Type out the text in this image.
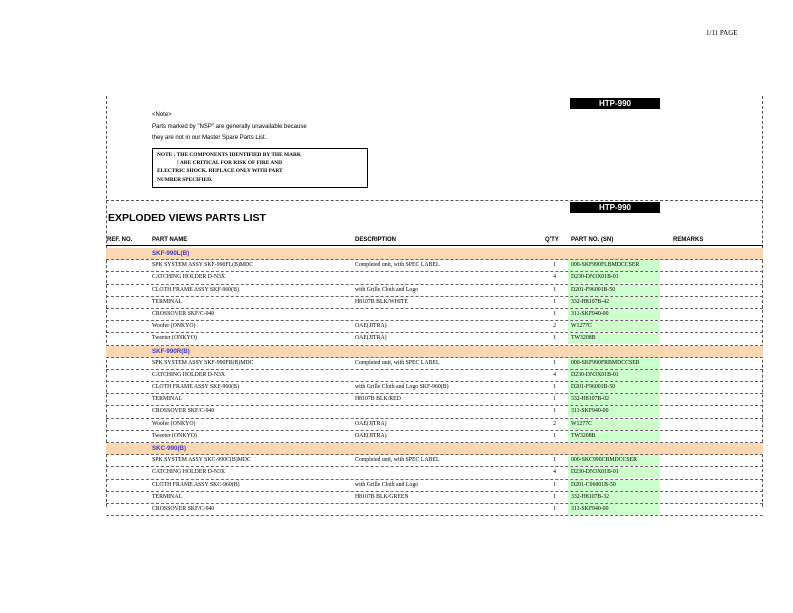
1/11 PAGE
HTP-990
<Note>
Parts marked by "NSP" are generally unavailable because
they are not in our Master Spare Parts List.
NOTE : THE COMPONENTS IDENTIFIED BY THE MARK
! ARE CRITICAL FOR RISK OF FIRE AND
ELECTRIC SHOCK. REPLACE ONLY WITH PART
NUMBER SPECIFIED.
HTP-990
EXPLODED VIEWS PARTS LIST
REF. NO.	PART NAME	DESCRIPTION	Q'TY PART NO. (SN)	REMARKS
SKF-990L(B)
SPK SYSTEM ASSY SKF-990FL(B)MDC	Completed unit, with SPEC LABEL	1	000-SKF990FLBMDCCSER
CATCHING HOLDER D-N3X	4	D230-DN3X01B-01
CLOTH FRAME ASSY SKF-960(B)	with Grille Cloth and Logo	1	D201-F96001B-50
TERMINAL	H8107B BLK/WHITE	1	332-H8107B-42
CROSSOVER SKF/C-940	1	311-SKF940-00
Woofer (ONKYO)	OAE(JITRA)	2	W1277C
Tweeter (ONKYO)	OAE(JITRA)	1	TW3208B
SKF-990R(B)
SPK SYSTEM ASSY SKF-990FR(B)MDC	Completed unit, with SPEC LABEL	1	000-SKF990FRBMDCCSER
CATCHING HOLDER D-N3X	4	D230-DN3X01B-01
CLOTH FRAME ASSY SKF-960(B)	with Grille Cloth and Logo SKF-960(B)	1	D201-F96001B-50
TERMINAL	H8107B BLK/RED	1	332-H8107B-02
CROSSOVER SKF/C-940	1	311-SKF940-00
Woofer (ONKYO)	OAE(JITRA)	2	W1277C
Tweeter (ONKYO)	OAE(JITRA)	1	TW3208B
SKC-990(B)
SPK SYSTEM ASSY SKC-990C(B)MDC	Completed unit, with SPEC LABEL	1	000-SKC990CBMDCCSER
CATCHING HOLDER D-N3X	4	D230-DN3X01B-01
CLOTH FRAME ASSY SKC-960(B)	with Grille Cloth and Logo	1	D201-C96001B-50
TERMINAL	H8107B BLK/GREEN	1	332-H8107B-32
CROSSOVER SKF/C-940	1	311-SKF940-00
